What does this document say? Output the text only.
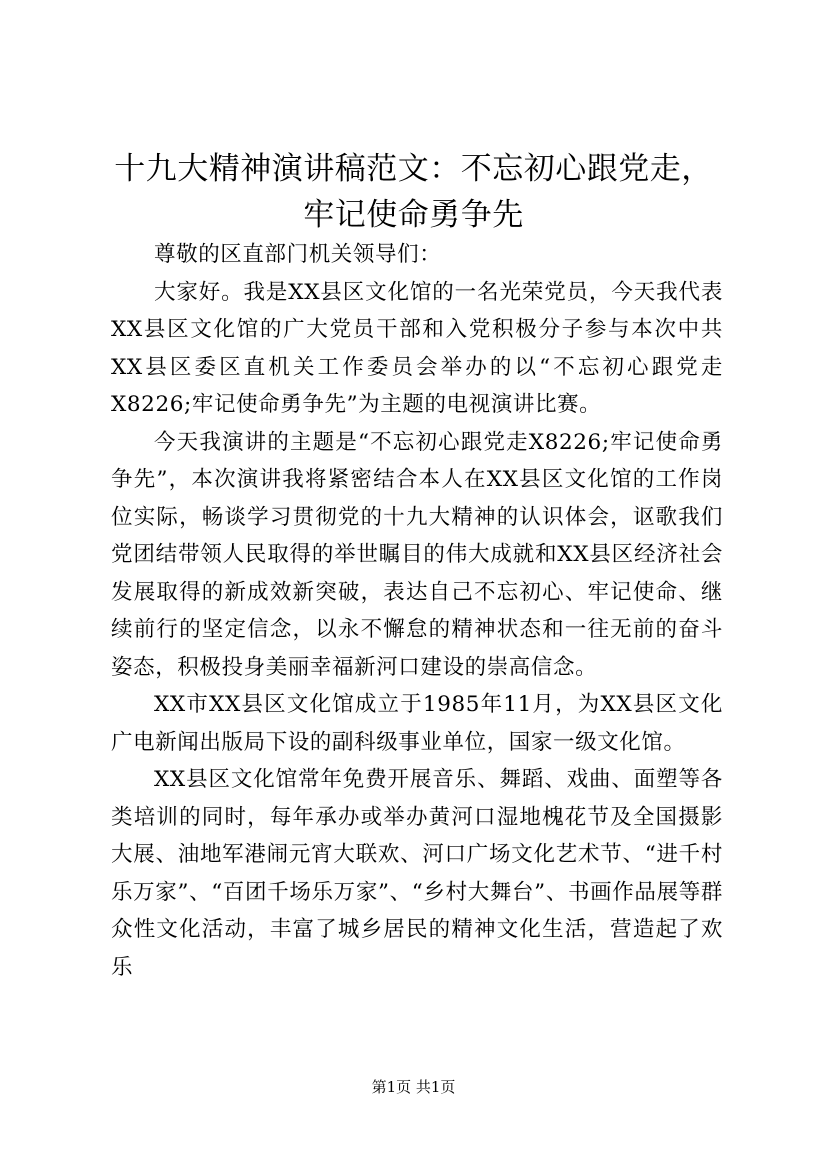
十九大精神演讲稿范文：不忘初心跟党走，牢记使命勇争先

尊敬的区直部门机关领导们：

大家好。我是XX县区文化馆的一名光荣党员，今天我代表XX县区文化馆的广大党员干部和入党积极分子参与本次中共XX县区委区直机关工作委员会举办的以“不忘初心跟党走X8226;牢记使命勇争先”为主题的电视演讲比赛。

今天我演讲的主题是“不忘初心跟党走X8226;牢记使命勇争先”，本次演讲我将紧密结合本人在XX县区文化馆的工作岗位实际，畅谈学习贯彻党的十九大精神的认识体会，讴歌我们党团结带领人民取得的举世瞩目的伟大成就和XX县区经济社会发展取得的新成效新突破，表达自己不忘初心、牢记使命、继续前行的坚定信念，以永不懈怠的精神状态和一往无前的奋斗姿态，积极投身美丽幸福新河口建设的崇高信念。

XX市XX县区文化馆成立于1985年11月，为XX县区文化广电新闻出版局下设的副科级事业单位，国家一级文化馆。

XX县区文化馆常年免费开展音乐、舞蹈、戏曲、面塑等各类培训的同时，每年承办或举办黄河口湿地槐花节及全国摄影大展、油地军港闹元宵大联欢、河口广场文化艺术节、“进千村乐万家”、“百团千场乐万家”、“乡村大舞台”、书画作品展等群众性文化活动，丰富了城乡居民的精神文化生活，营造起了欢乐

第1页 共1页
